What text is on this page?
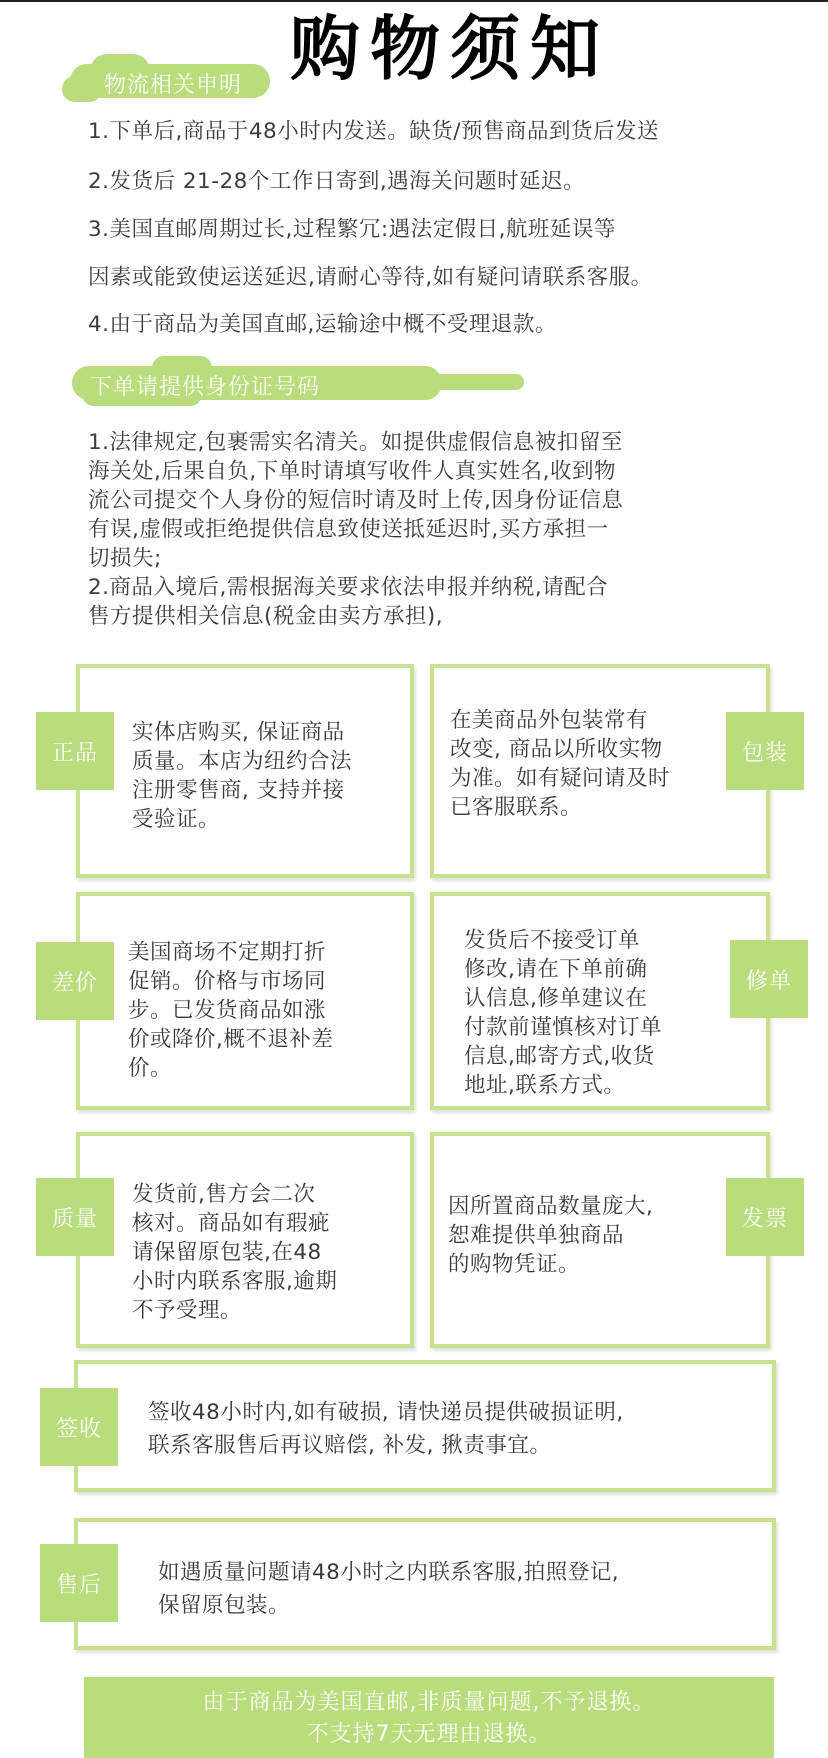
物流相关申明 购物须知
1.下单后,商品于48小时内发送。缺货/预售商品到货后发送
2.发货后 21-28个工作日寄到,遇海关问题时延迟。
3.美国直邮周期过长,过程繁冗:遇法定假日,航班延误等
因素或能致使运送延迟,请耐心等待,如有疑问请联系客服。
4.由于商品为美国直邮,运输途中概不受理退款。
下单请提供身份证号码

1.法律规定,包裹需实名清关。如提供虚假信息被扣留至

海关处,后果自负,下单时请填写收件人真实姓名,收到物

流公司提交个人身份的短信时请及时上传,因身份证信息

有误,虚假或拒绝提供信息致使送抵延迟时,买方承担一

切损失;

2.商品入境后,需根据海关要求依法申报并纳税,请配合

售方提供相关信息(税金由卖方承担),

正品
实体店购买, 保证商品
质量。本店为纽约合法
注册零售商, 支持并接
受验证。
包装
在美商品外包装常有
改变, 商品以所收实物
为准。如有疑问请及时
已客服联系。
差价
美国商场不定期打折
促销。价格与市场同
步。已发货商品如涨
价或降价,概不退补差
价。
修单
发货后不接受订单
修改,请在下单前确
认信息,修单建议在
付款前谨慎核对订单
信息,邮寄方式,收货
地址,联系方式。
质量
发货前,售方会二次
核对。商品如有瑕疵
请保留原包装,在48
小时内联系客服,逾期
不予受理。
发票
因所置商品数量庞大,
恕难提供单独商品
的购物凭证。
签收
签收48小时内,如有破损, 请快递员提供破损证明,
联系客服售后再议赔偿, 补发, 揪责事宜。
售后	如遇质量问题请48小时之内联系客服,拍照登记,
保留原包装。
由于商品为美国直邮,非质量问题,不予退换。
不支持7天无理由退换。
